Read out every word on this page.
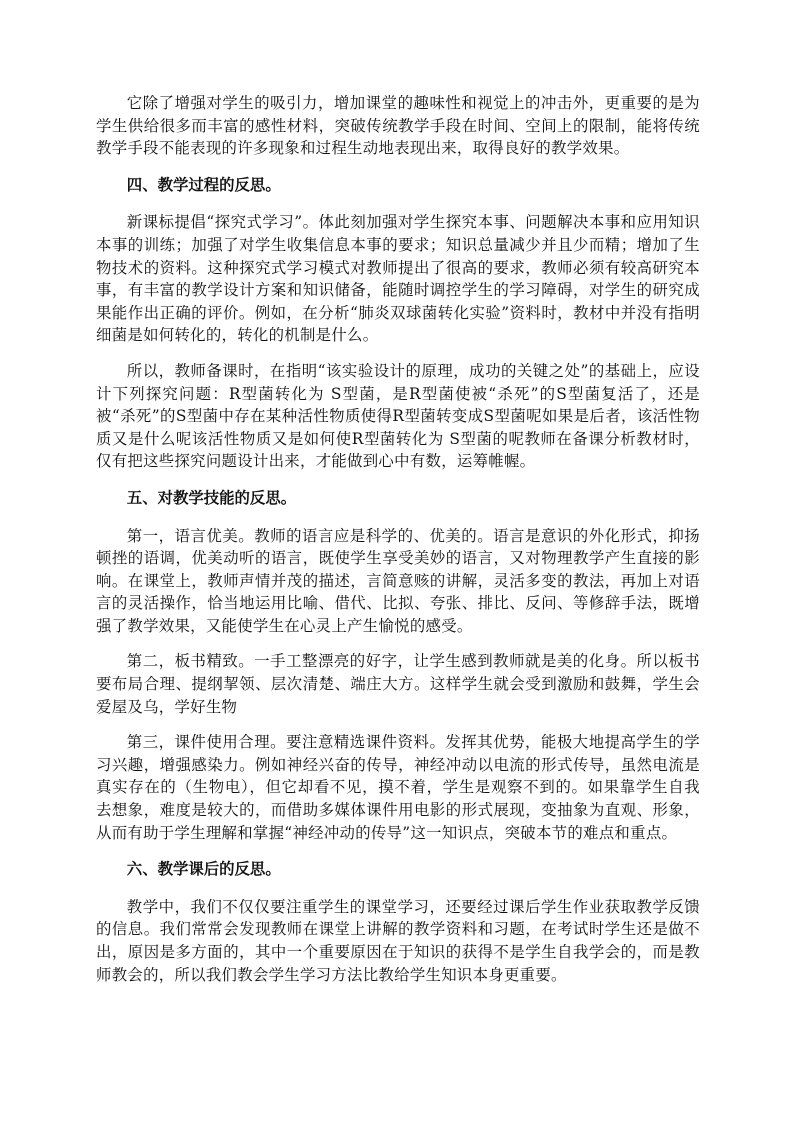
它除了增强对学生的吸引力，增加课堂的趣味性和视觉上的冲击外，更重要的是为学生供给很多而丰富的感性材料，突破传统教学手段在时间、空间上的限制，能将传统教学手段不能表现的许多现象和过程生动地表现出来，取得良好的教学效果。

四、教学过程的反思。

新课标提倡“探究式学习”。体此刻加强对学生探究本事、问题解决本事和应用知识本事的训练；加强了对学生收集信息本事的要求；知识总量减少并且少而精；增加了生物技术的资料。这种探究式学习模式对教师提出了很高的要求，教师必须有较高研究本事，有丰富的教学设计方案和知识储备，能随时调控学生的学习障碍，对学生的研究成果能作出正确的评价。例如，在分析“肺炎双球菌转化实验”资料时，教材中并没有指明细菌是如何转化的，转化的机制是什么。

所以，教师备课时，在指明“该实验设计的原理，成功的关键之处”的基础上，应设计下列探究问题：R型菌转化为 S型菌，是R型菌使被“杀死”的S型菌复活了，还是被“杀死”的S型菌中存在某种活性物质使得R型菌转变成S型菌呢如果是后者，该活性物质又是什么呢该活性物质又是如何使R型菌转化为 S型菌的呢教师在备课分析教材时，仅有把这些探究问题设计出来，才能做到心中有数，运筹帷幄。

五、对教学技能的反思。

第一，语言优美。教师的语言应是科学的、优美的。语言是意识的外化形式，抑扬顿挫的语调，优美动听的语言，既使学生享受美妙的语言，又对物理教学产生直接的影响。在课堂上，教师声情并茂的描述，言简意赅的讲解，灵活多变的教法，再加上对语言的灵活操作，恰当地运用比喻、借代、比拟、夸张、排比、反问、等修辞手法，既增强了教学效果，又能使学生在心灵上产生愉悦的感受。

第二，板书精致。一手工整漂亮的好字，让学生感到教师就是美的化身。所以板书要布局合理、提纲挈领、层次清楚、端庄大方。这样学生就会受到激励和鼓舞，学生会爱屋及乌，学好生物

第三，课件使用合理。要注意精选课件资料。发挥其优势，能极大地提高学生的学习兴趣，增强感染力。例如神经兴奋的传导，神经冲动以电流的形式传导，虽然电流是真实存在的（生物电），但它却看不见，摸不着，学生是观察不到的。如果靠学生自我去想象，难度是较大的，而借助多媒体课件用电影的形式展现，变抽象为直观、形象，从而有助于学生理解和掌握“神经冲动的传导”这一知识点，突破本节的难点和重点。

六、教学课后的反思。

教学中，我们不仅仅要注重学生的课堂学习，还要经过课后学生作业获取教学反馈的信息。我们常常会发现教师在课堂上讲解的教学资料和习题，在考试时学生还是做不出，原因是多方面的，其中一个重要原因在于知识的获得不是学生自我学会的，而是教师教会的，所以我们教会学生学习方法比教给学生知识本身更重要。
